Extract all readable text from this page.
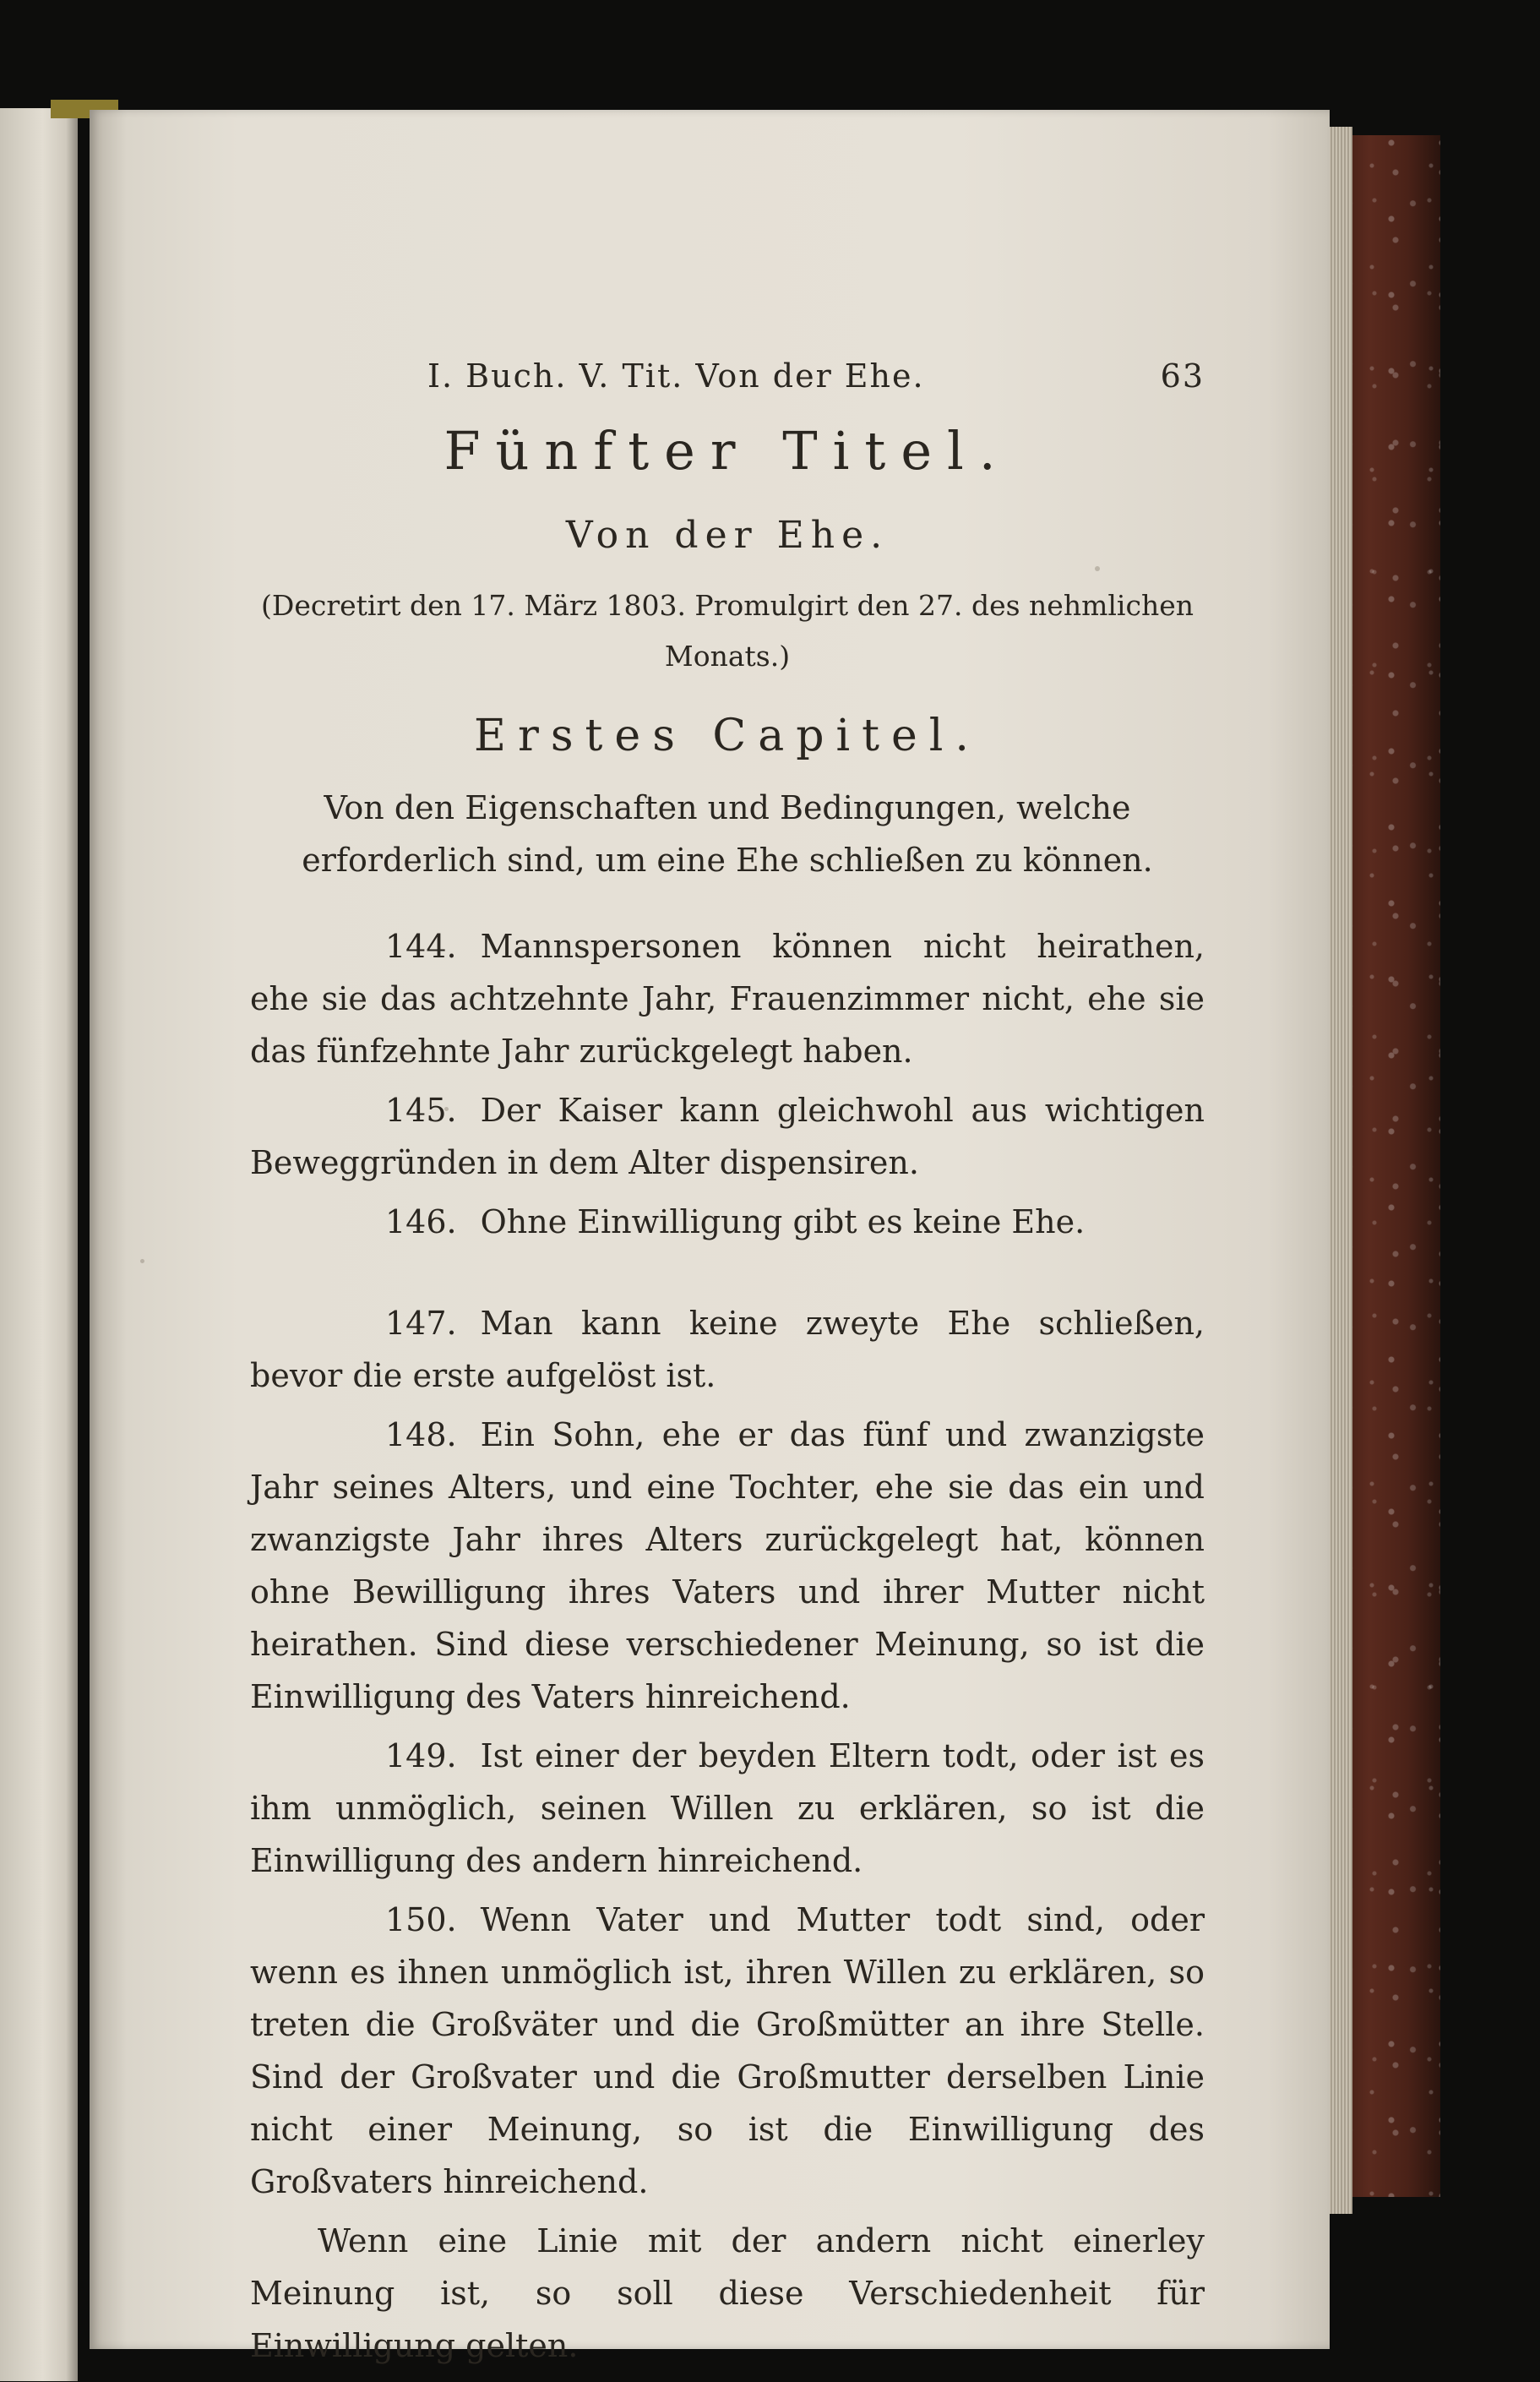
I. Buch. V. Tit. Von der Ehe.	63
Fünfter Titel.
Von der Ehe.
(Decretirt den 17. März 1803. Promulgirt den 27. des nehmlichen Monats.)
Erstes Capitel.
Von den Eigenschaften und Bedingungen, welche erforderlich sind, um eine Ehe schließen zu können.

144. Mannspersonen können nicht heirathen, ehe sie das achtzehnte Jahr, Frauenzimmer nicht, ehe sie das fünfzehnte Jahr zurückgelegt haben.

145. Der Kaiser kann gleichwohl aus wichtigen Beweggründen in dem Alter dispensiren.

146. Ohne Einwilligung gibt es keine Ehe.

147. Man kann keine zweyte Ehe schließen, bevor die erste aufgelöst ist.

148. Ein Sohn, ehe er das fünf und zwanzigste Jahr seines Alters, und eine Tochter, ehe sie das ein und zwanzigste Jahr ihres Alters zurückgelegt hat, können ohne Bewilligung ihres Vaters und ihrer Mutter nicht heirathen. Sind diese verschiedener Meinung, so ist die Einwilligung des Vaters hinreichend.

149. Ist einer der beyden Eltern todt, oder ist es ihm unmöglich, seinen Willen zu erklären, so ist die Einwilligung des andern hinreichend.

150. Wenn Vater und Mutter todt sind, oder wenn es ihnen unmöglich ist, ihren Willen zu erklären, so treten die Großväter und die Großmütter an ihre Stelle. Sind der Großvater und die Großmutter derselben Linie nicht einer Meinung, so ist die Einwilligung des Großvaters hinreichend.

Wenn eine Linie mit der andern nicht einerley Meinung ist, so soll diese Verschiedenheit für Einwilligung gelten.
